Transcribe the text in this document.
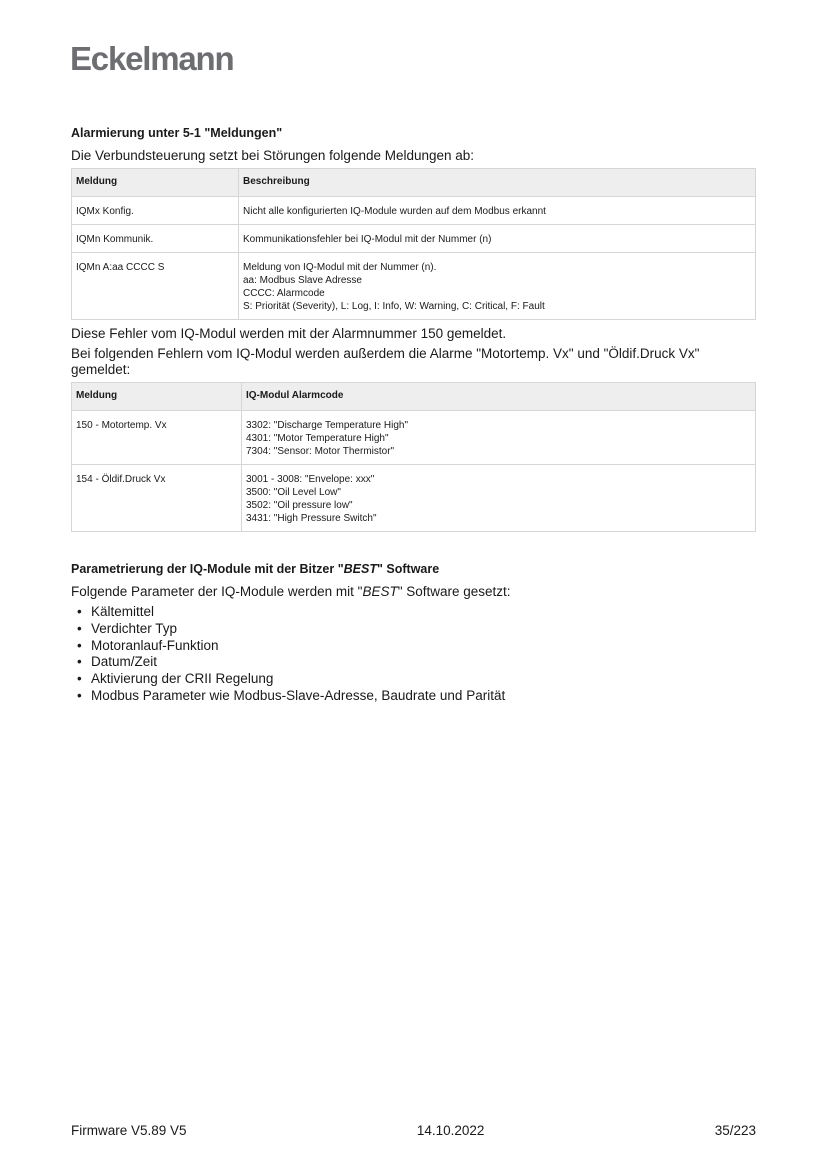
Eckelmann
Alarmierung unter 5-1 "Meldungen"

Die Verbundsteuerung setzt bei Störungen folgende Meldungen ab:

Meldung	Beschreibung
IQMx Konfig.	Nicht alle konfigurierten IQ-Module wurden auf dem Modbus erkannt

IQMn Kommunik.	Kommunikationsfehler bei IQ-Modul mit der Nummer (n)

IQMn A:aa CCCC S	Meldung von IQ-Modul mit der Nummer (n).
aa: Modbus Slave Adresse
CCCC: Alarmcode
S: Priorität (Severity), L: Log, I: Info, W: Warning, C: Critical, F: Fault

Diese Fehler vom IQ-Modul werden mit der Alarmnummer 150 gemeldet.

Bei folgenden Fehlern vom IQ-Modul werden außerdem die Alarme "Motortemp. Vx" und "Öldif.Druck Vx" gemeldet:

Meldung	IQ-Modul Alarmcode
150 - Motortemp. Vx	3302: "Discharge Temperature High"
4301: "Motor Temperature High"
7304: "Sensor: Motor Thermistor"

154 - Öldif.Druck Vx	3001 - 3008: "Envelope: xxx"
3500: "Oil Level Low"
3502: "Oil pressure low"
3431: "High Pressure Switch"
Parametrierung der IQ-Module mit der Bitzer "BEST" Software

Folgende Parameter der IQ-Module werden mit "BEST" Software gesetzt:

• Kältemittel
• Verdichter Typ
• Motoranlauf-Funktion
• Datum/Zeit
• Aktivierung der CRII Regelung
• Modbus Parameter wie Modbus-Slave-Adresse, Baudrate und Parität
Firmware V5.89 V5	14.10.2022	35/223
